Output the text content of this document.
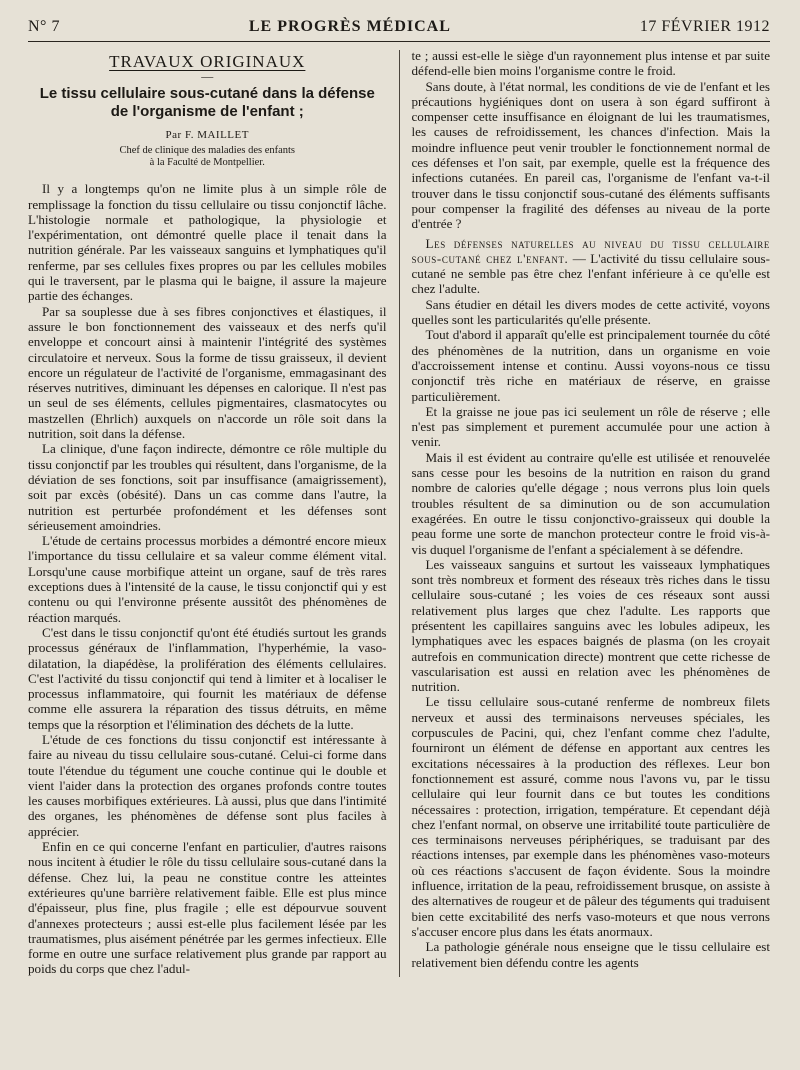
N° 7	LE PROGRÈS MÉDICAL	17 FÉVRIER 1912
TRAVAUX ORIGINAUX
—
Le tissu cellulaire sous-cutané dans la défense
de l'organisme de l'enfant ;
Par F. MAILLET
Chef de clinique des maladies des enfants
à la Faculté de Montpellier.

Il y a longtemps qu'on ne limite plus à un simple rôle de remplissage la fonction du tissu cellulaire ou tissu conjonctif lâche. L'histologie normale et pathologique, la physiologie et l'expérimentation, ont démontré quelle place il tenait dans la nutrition générale. Par les vaisseaux sanguins et lymphatiques qu'il renferme, par ses cellules fixes propres ou par les cellules mobiles qui le traversent, par le plasma qui le baigne, il assure la majeure partie des échanges.

Par sa souplesse due à ses fibres conjonctives et élastiques, il assure le bon fonctionnement des vaisseaux et des nerfs qu'il enveloppe et concourt ainsi à maintenir l'intégrité des systèmes circulatoire et nerveux. Sous la forme de tissu graisseux, il devient encore un régulateur de l'activité de l'organisme, emmagasinant des réserves nutritives, diminuant les dépenses en calorique. Il n'est pas un seul de ses éléments, cellules pigmentaires, clasmatocytes ou mastzellen (Ehrlich) auxquels on n'accorde un rôle soit dans la nutrition, soit dans la défense.

La clinique, d'une façon indirecte, démontre ce rôle multiple du tissu conjonctif par les troubles qui résultent, dans l'organisme, de la déviation de ses fonctions, soit par insuffisance (amaigrissement), soit par excès (obésité). Dans un cas comme dans l'autre, la nutrition est perturbée profondément et les défenses sont sérieusement amoindries.

L'étude de certains processus morbides a démontré encore mieux l'importance du tissu cellulaire et sa valeur comme élément vital. Lorsqu'une cause morbifique atteint un organe, sauf de très rares exceptions dues à l'intensité de la cause, le tissu conjonctif qui y est contenu ou qui l'environne présente aussitôt des phénomènes de réaction marqués.

C'est dans le tissu conjonctif qu'ont été étudiés surtout les grands processus généraux de l'inflammation, l'hyperhémie, la vaso-dilatation, la diapédèse, la prolifération des éléments cellulaires. C'est l'activité du tissu conjonctif qui tend à limiter et à localiser le processus inflammatoire, qui fournit les matériaux de défense comme elle assurera la réparation des tissus détruits, en même temps que la résorption et l'élimination des déchets de la lutte.

L'étude de ces fonctions du tissu conjonctif est intéressante à faire au niveau du tissu cellulaire sous-cutané. Celui-ci forme dans toute l'étendue du tégument une couche continue qui le double et vient l'aider dans la protection des organes profonds contre toutes les causes morbifiques extérieures. Là aussi, plus que dans l'intimité des organes, les phénomènes de défense sont plus faciles à apprécier.

Enfin en ce qui concerne l'enfant en particulier, d'autres raisons nous incitent à étudier le rôle du tissu cellulaire sous-cutané dans la défense. Chez lui, la peau ne constitue contre les atteintes extérieures qu'une barrière relativement faible. Elle est plus mince d'épaisseur, plus fine, plus fragile ; elle est dépourvue souvent d'annexes protecteurs ; aussi est-elle plus facilement lésée par les traumatismes, plus aisément pénétrée par les germes infectieux. Elle forme en outre une surface relativement plus grande par rapport au poids du corps que chez l'adul-

te ; aussi est-elle le siège d'un rayonnement plus intense et par suite défend-elle bien moins l'organisme contre le froid.

Sans doute, à l'état normal, les conditions de vie de l'enfant et les précautions hygiéniques dont on usera à son égard suffiront à compenser cette insuffisance en éloignant de lui les traumatismes, les causes de refroidissement, les chances d'infection. Mais la moindre influence peut venir troubler le fonctionnement normal de ces défenses et l'on sait, par exemple, quelle est la fréquence des infections cutanées. En pareil cas, l'organisme de l'enfant va-t-il trouver dans le tissu conjonctif sous-cutané des éléments suffisants pour compenser la fragilité des défenses au niveau de la porte d'entrée ?

Les défenses naturelles au niveau du tissu cellulaire sous-cutané chez l'enfant. — L'activité du tissu cellulaire sous-cutané ne semble pas être chez l'enfant inférieure à ce qu'elle est chez l'adulte.

Sans étudier en détail les divers modes de cette activité, voyons quelles sont les particularités qu'elle présente.

Tout d'abord il apparaît qu'elle est principalement tournée du côté des phénomènes de la nutrition, dans un organisme en voie d'accroissement intense et continu. Aussi voyons-nous ce tissu conjonctif très riche en matériaux de réserve, en graisse particulièrement.

Et la graisse ne joue pas ici seulement un rôle de réserve ; elle n'est pas simplement et purement accumulée pour une action à venir.

Mais il est évident au contraire qu'elle est utilisée et renouvelée sans cesse pour les besoins de la nutrition en raison du grand nombre de calories qu'elle dégage ; nous verrons plus loin quels troubles résultent de sa diminution ou de son accumulation exagérées. En outre le tissu conjonctivo-graisseux qui double la peau forme une sorte de manchon protecteur contre le froid vis-à-vis duquel l'organisme de l'enfant a spécialement à se défendre.

Les vaisseaux sanguins et surtout les vaisseaux lymphatiques sont très nombreux et forment des réseaux très riches dans le tissu cellulaire sous-cutané ; les voies de ces réseaux sont aussi relativement plus larges que chez l'adulte. Les rapports que présentent les capillaires sanguins avec les lobules adipeux, les lymphatiques avec les espaces baignés de plasma (on les croyait autrefois en communication directe) montrent que cette richesse de vascularisation est aussi en relation avec les phénomènes de nutrition.

Le tissu cellulaire sous-cutané renferme de nombreux filets nerveux et aussi des terminaisons nerveuses spéciales, les corpuscules de Pacini, qui, chez l'enfant comme chez l'adulte, fourniront un élément de défense en apportant aux centres les excitations nécessaires à la production des réflexes. Leur bon fonctionnement est assuré, comme nous l'avons vu, par le tissu cellulaire qui leur fournit dans ce but toutes les conditions nécessaires : protection, irrigation, température. Et cependant déjà chez l'enfant normal, on observe une irritabilité toute particulière de ces terminaisons nerveuses périphériques, se traduisant par des réactions intenses, par exemple dans les phénomènes vaso-moteurs où ces réactions s'accusent de façon évidente. Sous la moindre influence, irritation de la peau, refroidissement brusque, on assiste à des alternatives de rougeur et de pâleur des téguments qui traduisent bien cette excitabilité des nerfs vaso-moteurs et que nous verrons s'accuser encore plus dans les états anormaux.

La pathologie générale nous enseigne que le tissu cellulaire est relativement bien défendu contre les agents
